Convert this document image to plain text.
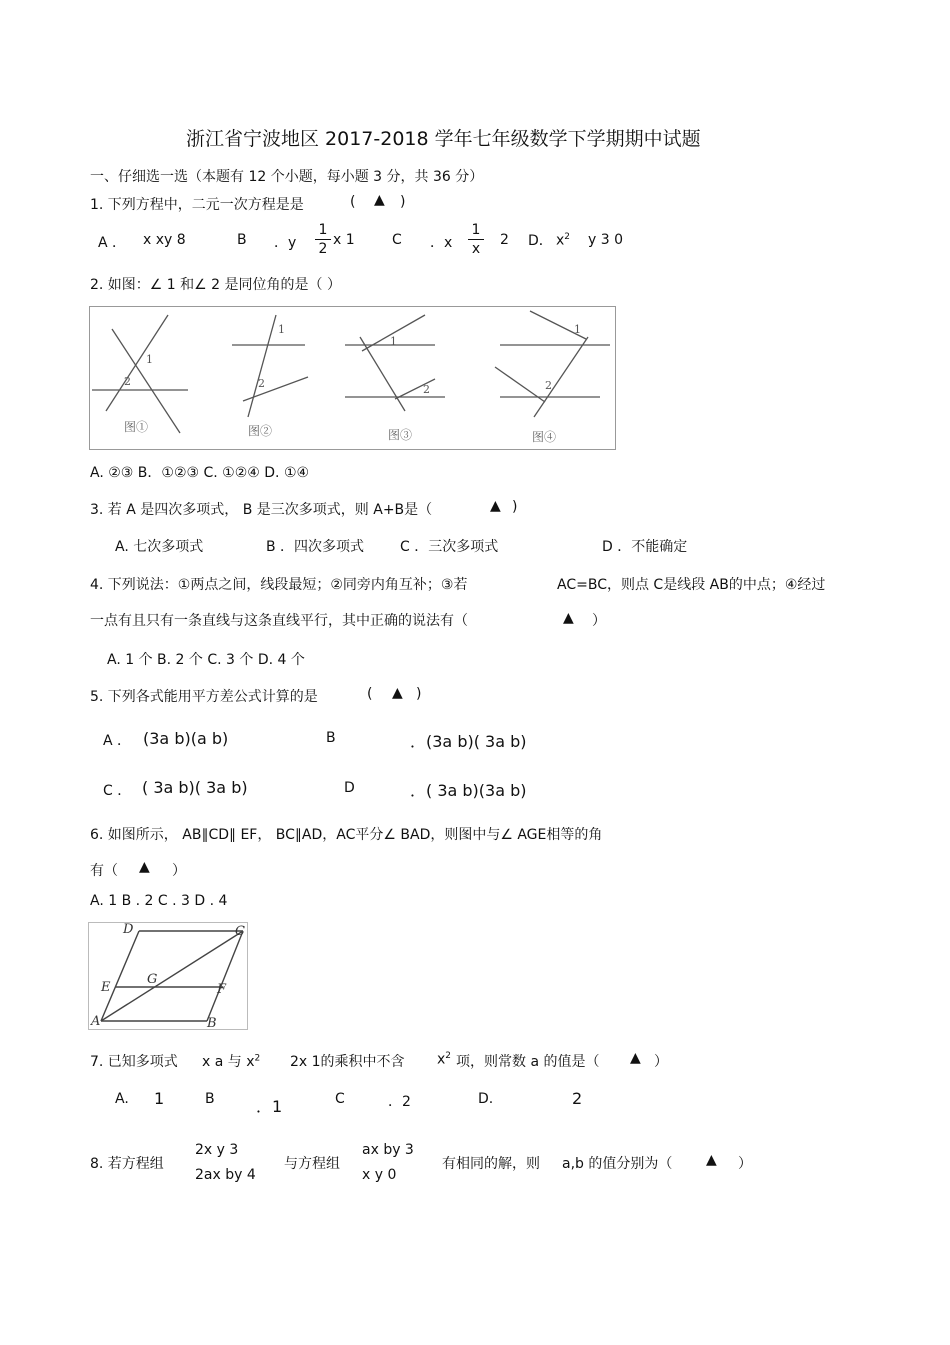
浙江省宁波地区 2017-2018 学年七年级数学下学期期中试题
一、仔细选一选（本题有 12 个小题，每小题 3 分，共 36 分）
1. 下列方程中，二元一次方程是是	( ▲ )
A ． x xy 8	B ．y
1
2
x 1	C ．x
1
x
2 D． $x^2$ y 3 0
2. 如图：∠ 1 和∠ 2 是同位角的是（ ）
1
2
1
2
1
2
1
2
图①	图②	图③	图④
A. ②③ B．①②③ C. ①②④ D. ①④
3. 若 A 是四次多项式， B 是三次多项式，则 A+B是（	▲ )
A. 七次多项式	B ．四次多项式	C ．三次多项式	D ．不能确定
4. 下列说法：①两点之间，线段最短；②同旁内角互补；③若	AC=BC，则点 C是线段 AB的中点；④经过
一点有且只有一条直线与这条直线平行，其中正确的说法有（	▲ ）
A. 1 个 B. 2 个 C. 3 个 D. 4 个
5. 下列各式能用平方差公式计算的是	( ▲ )
A ． (3a b)(a b)	B	．(3a b)( 3a b)
C ． ( 3a b)( 3a b)	D	．( 3a b)(3a b)
6. 如图所示， AB∥CD∥ EF， BC∥AD，AC平分∠ BAD，则图中与∠ AGE相等的角
有（ ▲ ）
A. 1 B . 2 C . 3 D . 4
D	C
E
G
F
A	B
7. 已知多项式 x a 与 $x^2$ 2x 1的乘积中不含 $x^2$ 项，则常数 a 的值是（ ▲ ）
A. 1	B	．1	C	．2	D.	2
8. 若方程组
2x y 3
2ax by 4
与方程组
ax by 3
x y 0
有相同的解，则 a,b 的值分别为（ ▲ ）
